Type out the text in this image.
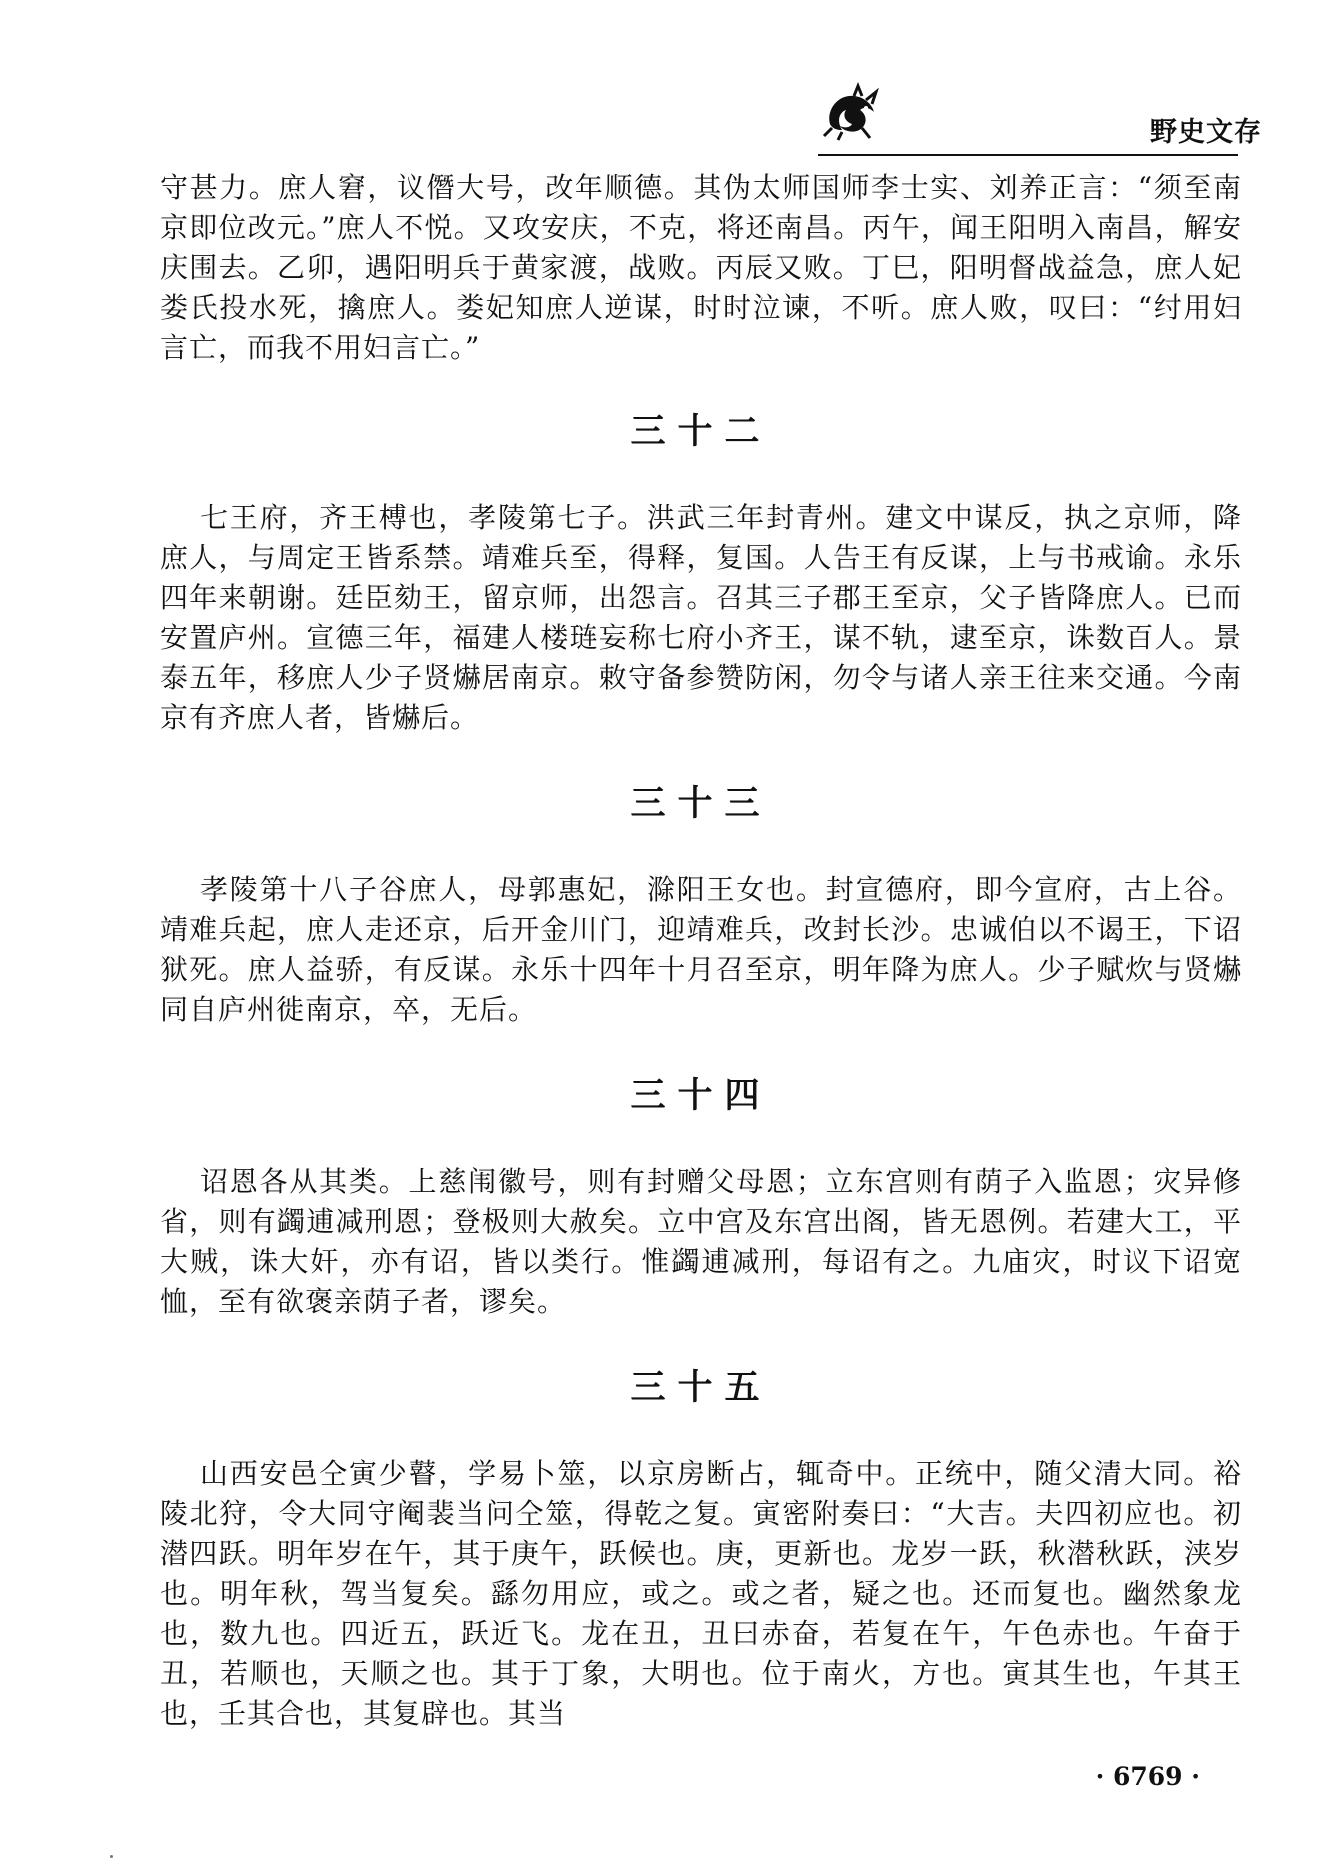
野史文存

守甚力。庶人窘，议僭大号，改年顺德。其伪太师国师李士实、刘养正言：“须至南京即位改元。”庶人不悦。又攻安庆，不克，将还南昌。丙午，闻王阳明入南昌，解安庆围去。乙卯，遇阳明兵于黄家渡，战败。丙辰又败。丁巳，阳明督战益急，庶人妃娄氏投水死，擒庶人。娄妃知庶人逆谋，时时泣谏，不听。庶人败，叹曰：“纣用妇言亡，而我不用妇言亡。”

三十二

七王府，齐王榑也，孝陵第七子。洪武三年封青州。建文中谋反，执之京师，降庶人，与周定王皆系禁。靖难兵至，得释，复国。人告王有反谋，上与书戒谕。永乐四年来朝谢。廷臣劾王，留京师，出怨言。召其三子郡王至京，父子皆降庶人。已而安置庐州。宣德三年，福建人楼琏妄称七府小齐王，谋不轨，逮至京，诛数百人。景泰五年，移庶人少子贤爀居南京。敕守备参赞防闲，勿令与诸人亲王往来交通。今南京有齐庶人者，皆爀后。

三十三

孝陵第十八子谷庶人，母郭惠妃，滁阳王女也。封宣德府，即今宣府，古上谷。靖难兵起，庶人走还京，后开金川门，迎靖难兵，改封长沙。忠诚伯以不谒王，下诏狱死。庶人益骄，有反谋。永乐十四年十月召至京，明年降为庶人。少子赋炊与贤爀同自庐州徙南京，卒，无后。

三十四

诏恩各从其类。上慈闱徽号，则有封赠父母恩；立东宫则有荫子入监恩；灾异修省，则有蠲逋减刑恩；登极则大赦矣。立中宫及东宫出阁，皆无恩例。若建大工，平大贼，诛大奸，亦有诏，皆以类行。惟蠲逋减刑，每诏有之。九庙灾，时议下诏宽恤，至有欲褒亲荫子者，谬矣。

三十五

山西安邑仝寅少瞽，学易卜筮，以京房断占，辄奇中。正统中，随父清大同。裕陵北狩，令大同守阉裴当问仝筮，得乾之复。寅密附奏曰：“大吉。夫四初应也。初潜四跃。明年岁在午，其于庚午，跃候也。庚，更新也。龙岁一跃，秋潜秋跃，浃岁也。明年秋，驾当复矣。繇勿用应，或之。或之者，疑之也。还而复也。幽然象龙也，数九也。四近五，跃近飞。龙在丑，丑曰赤奋，若复在午，午色赤也。午奋于丑，若顺也，天顺之也。其于丁象，大明也。位于南火，方也。寅其生也，午其王也，壬其合也，其复辟也。其当

· 6769 ·
